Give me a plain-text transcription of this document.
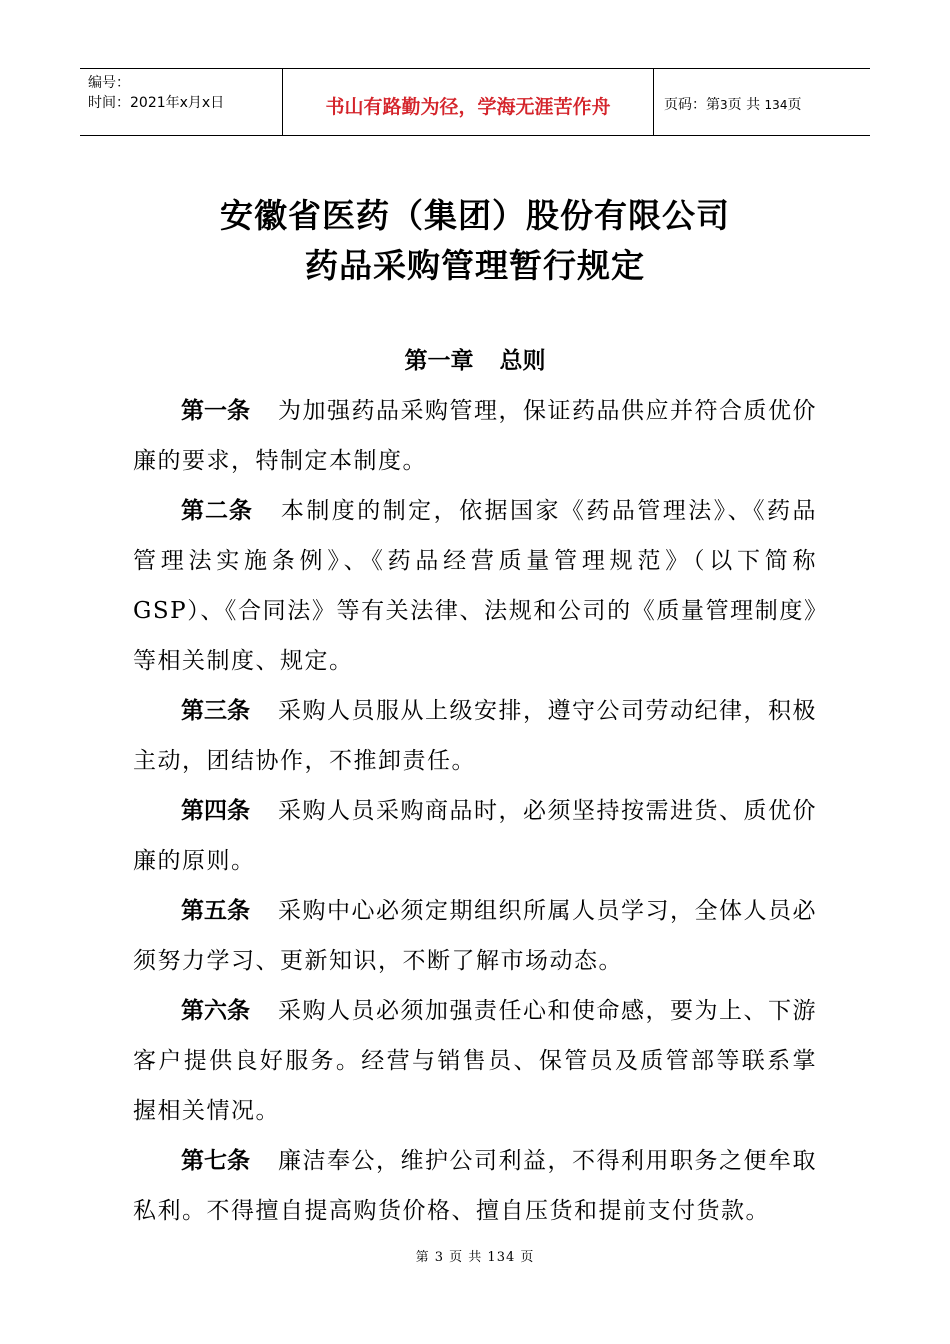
编号：
时间：2021年x月x日	书山有路勤为径，学海无涯苦作舟	页码：第3页 共 134页
安徽省医药（集团）股份有限公司
药品采购管理暂行规定
第一章 总则

第一条 为加强药品采购管理，保证药品供应并符合质优价廉的要求，特制定本制度。

第二条 本制度的制定，依据国家《药品管理法》、《药品管理法实施条例》、《药品经营质量管理规范》（以下简称GSP）、《合同法》等有关法律、法规和公司的《质量管理制度》等相关制度、规定。

第三条 采购人员服从上级安排，遵守公司劳动纪律，积极主动，团结协作，不推卸责任。

第四条 采购人员采购商品时，必须坚持按需进货、质优价廉的原则。

第五条 采购中心必须定期组织所属人员学习，全体人员必须努力学习、更新知识，不断了解市场动态。

第六条 采购人员必须加强责任心和使命感，要为上、下游客户提供良好服务。经营与销售员、保管员及质管部等联系掌握相关情况。

第七条 廉洁奉公，维护公司利益，不得利用职务之便牟取私利。不得擅自提高购货价格、擅自压货和提前支付货款。

第 3 页 共 134 页
